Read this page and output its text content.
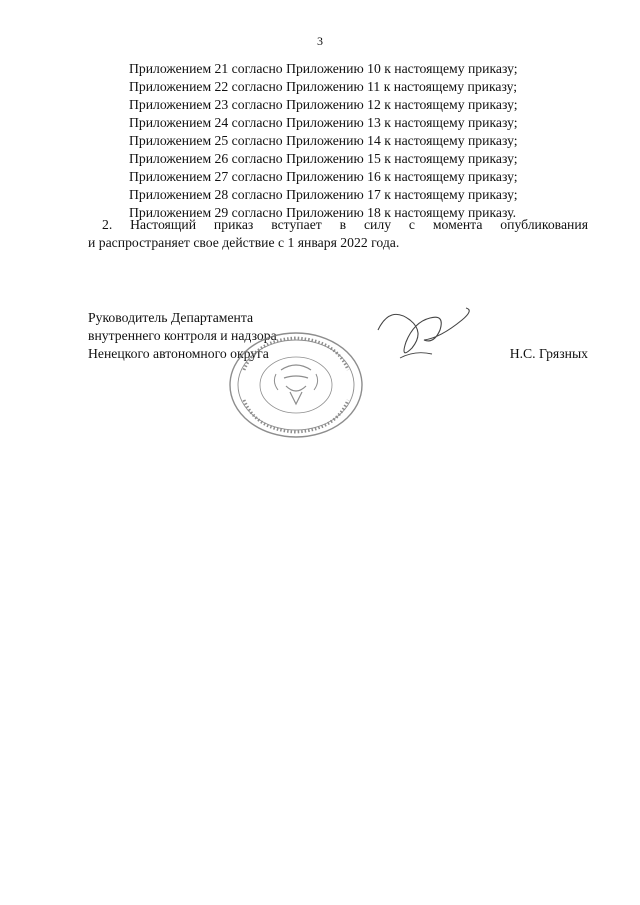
3
Приложением 21 согласно Приложению 10 к настоящему приказу;
Приложением 22 согласно Приложению 11 к настоящему приказу;
Приложением 23 согласно Приложению 12 к настоящему приказу;
Приложением 24 согласно Приложению 13 к настоящему приказу;
Приложением 25 согласно Приложению 14 к настоящему приказу;
Приложением 26 согласно Приложению 15 к настоящему приказу;
Приложением 27 согласно Приложению 16 к настоящему приказу;
Приложением 28 согласно Приложению 17 к настоящему приказу;
Приложением 29 согласно Приложению 18 к настоящему приказу.
2. Настоящий приказ вступает в силу с момента опубликования
и распространяет свое действие с 1 января 2022 года.
Руководитель Департамента
внутреннего контроля и надзора
Ненецкого автономного округа	Н.С. Грязных
